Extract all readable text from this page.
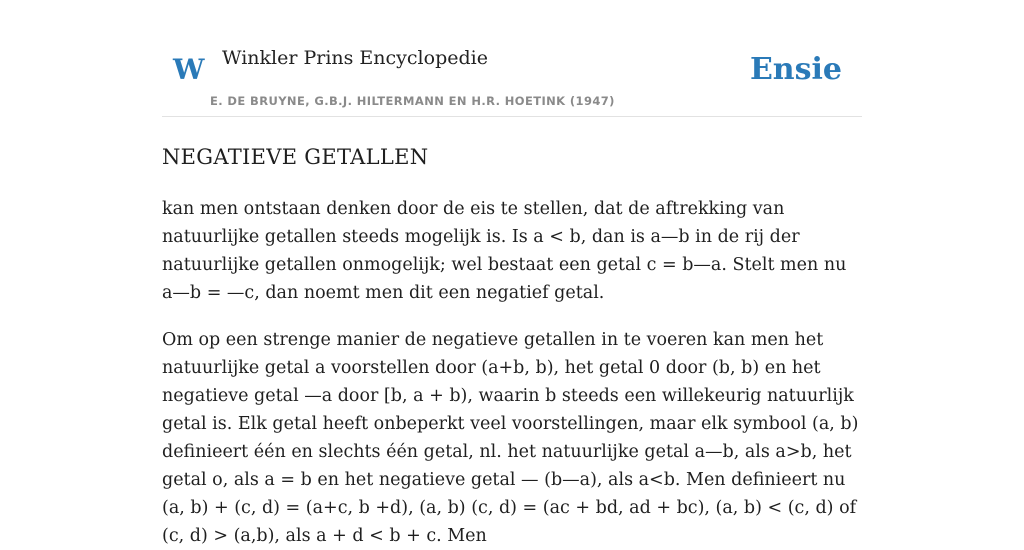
W Winkler Prins Encyclopedie
E. DE BRUYNE, G.B.J. HILTERMANN EN H.R. HOETINK (1947)
Ensie
NEGATIEVE GETALLEN

kan men ontstaan denken door de eis te stellen, dat de aftrekking van natuurlijke getallen steeds mogelijk is. Is a < b, dan is a—b in de rij der natuurlijke getallen onmogelijk; wel bestaat een getal c = b—a. Stelt men nu a—b = —c, dan noemt men dit een negatief getal.

Om op een strenge manier de negatieve getallen in te voeren kan men het natuurlijke getal a voorstellen door (a+b, b), het getal 0 door (b, b) en het negatieve getal —a door [b, a + b), waarin b steeds een willekeurig natuurlijk getal is. Elk getal heeft onbeperkt veel voorstellingen, maar elk symbool (a, b) definieert één en slechts één getal, nl. het natuurlijke getal a—b, als a>b, het getal o, als a = b en het negatieve getal — (b—a), als a<b. Men definieert nu (a, b) + (c, d) = (a+c, b +d), (a, b) (c, d) = (ac + bd, ad + bc), (a, b) < (c, d) of (c, d) > (a,b), als a + d < b + c. Men
